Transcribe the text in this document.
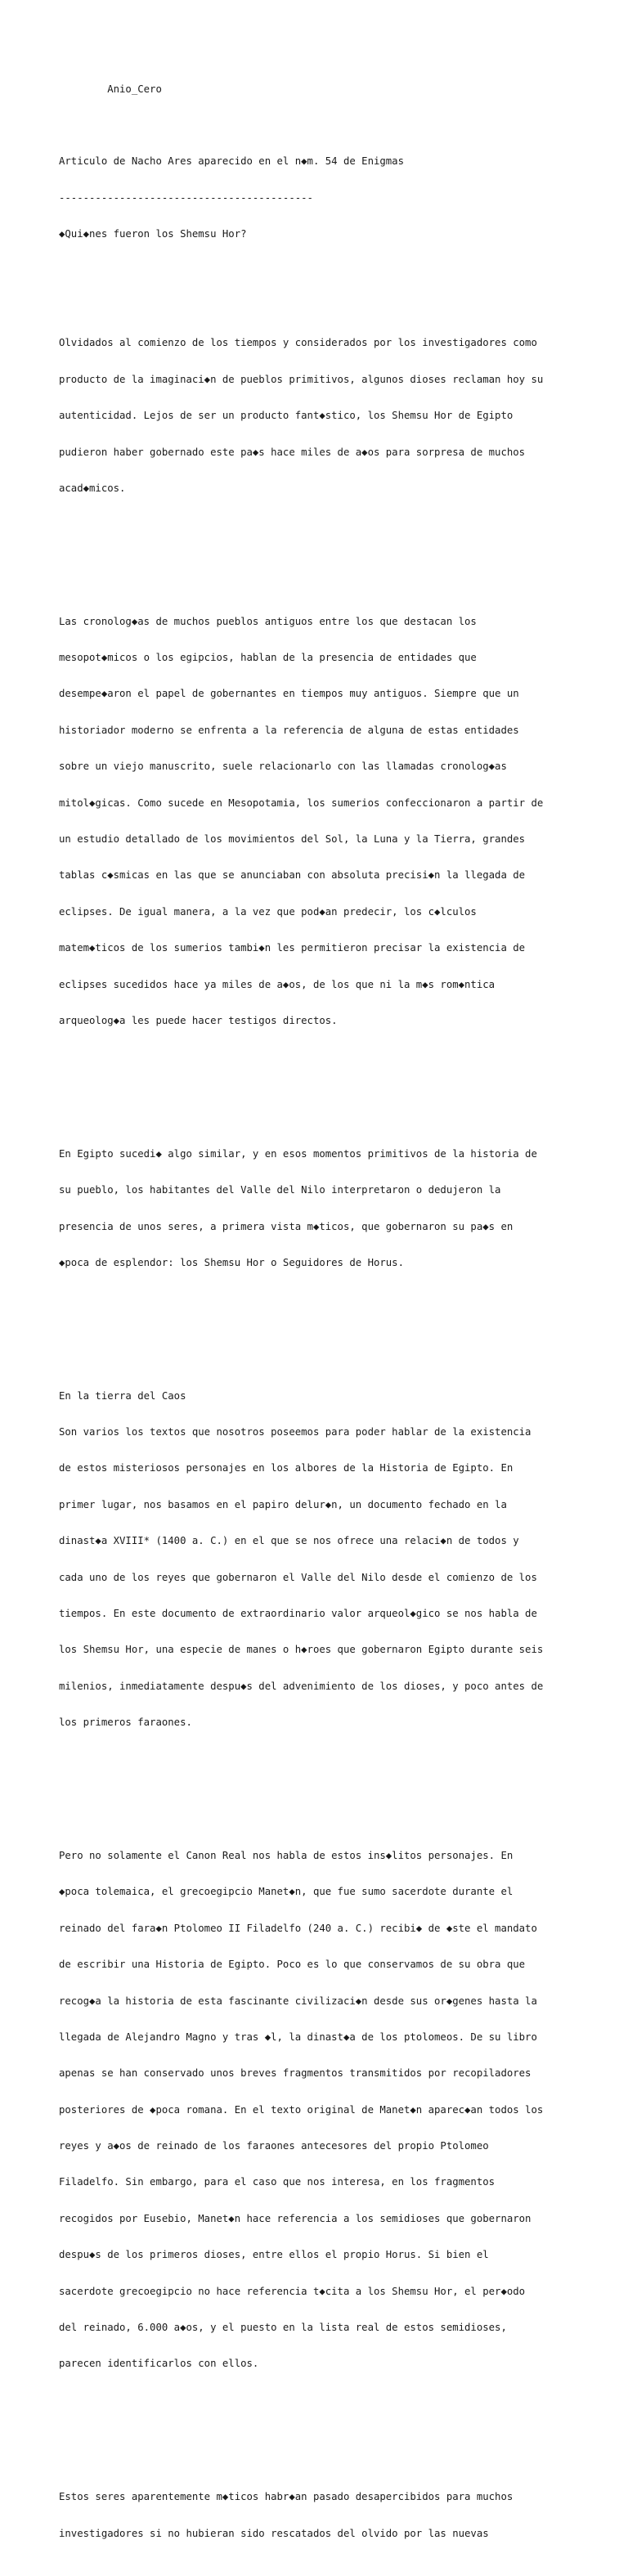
Anio_Cero

Articulo de Nacho Ares aparecido en el n◆m. 54 de Enigmas

------------------------------------------

◆Qui◆nes fueron los Shemsu Hor?

Olvidados al comienzo de los tiempos y considerados por los investigadores como

producto de la imaginaci◆n de pueblos primitivos, algunos dioses reclaman hoy su

autenticidad. Lejos de ser un producto fant◆stico, los Shemsu Hor de Egipto

pudieron haber gobernado este pa◆s hace miles de a◆os para sorpresa de muchos

acad◆micos.

Las cronolog◆as de muchos pueblos antiguos entre los que destacan los

mesopot◆micos o los egipcios, hablan de la presencia de entidades que

desempe◆aron el papel de gobernantes en tiempos muy antiguos. Siempre que un

historiador moderno se enfrenta a la referencia de alguna de estas entidades

sobre un viejo manuscrito, suele relacionarlo con las llamadas cronolog◆as

mitol◆gicas. Como sucede en Mesopotamia, los sumerios confeccionaron a partir de

un estudio detallado de los movimientos del Sol, la Luna y la Tierra, grandes

tablas c◆smicas en las que se anunciaban con absoluta precisi◆n la llegada de

eclipses. De igual manera, a la vez que pod◆an predecir, los c◆lculos

matem◆ticos de los sumerios tambi◆n les permitieron precisar la existencia de

eclipses sucedidos hace ya miles de a◆os, de los que ni la m◆s rom◆ntica

arqueolog◆a les puede hacer testigos directos.

En Egipto sucedi◆ algo similar, y en esos momentos primitivos de la historia de

su pueblo, los habitantes del Valle del Nilo interpretaron o dedujeron la

presencia de unos seres, a primera vista m◆ticos, que gobernaron su pa◆s en

◆poca de esplendor: los Shemsu Hor o Seguidores de Horus.

En la tierra del Caos

Son varios los textos que nosotros poseemos para poder hablar de la existencia

de estos misteriosos personajes en los albores de la Historia de Egipto. En

primer lugar, nos basamos en el papiro delur◆n, un documento fechado en la

dinast◆a XVIII* (1400 a. C.) en el que se nos ofrece una relaci◆n de todos y

cada uno de los reyes que gobernaron el Valle del Nilo desde el comienzo de los

tiempos. En este documento de extraordinario valor arqueol◆gico se nos habla de

los Shemsu Hor, una especie de manes o h◆roes que gobernaron Egipto durante seis

milenios, inmediatamente despu◆s del advenimiento de los dioses, y poco antes de

los primeros faraones.

Pero no solamente el Canon Real nos habla de estos ins◆litos personajes. En

◆poca tolemaica, el grecoegipcio Manet◆n, que fue sumo sacerdote durante el

reinado del fara◆n Ptolomeo II Filadelfo (240 a. C.) recibi◆ de ◆ste el mandato

de escribir una Historia de Egipto. Poco es lo que conservamos de su obra que

recog◆a la historia de esta fascinante civilizaci◆n desde sus or◆genes hasta la

llegada de Alejandro Magno y tras ◆l, la dinast◆a de los ptolomeos. De su libro

apenas se han conservado unos breves fragmentos transmitidos por recopiladores

posteriores de ◆poca romana. En el texto original de Manet◆n aparec◆an todos los

reyes y a◆os de reinado de los faraones antecesores del propio Ptolomeo

Filadelfo. Sin embargo, para el caso que nos interesa, en los fragmentos

recogidos por Eusebio, Manet◆n hace referencia a los semidioses que gobernaron

despu◆s de los primeros dioses, entre ellos el propio Horus. Si bien el

sacerdote grecoegipcio no hace referencia t◆cita a los Shemsu Hor, el per◆odo

del reinado, 6.000 a◆os, y el puesto en la lista real de estos semidioses,

parecen identificarlos con ellos.

Estos seres aparentemente m◆ticos habr◆an pasado desapercibidos para muchos

investigadores si no hubieran sido rescatados del olvido por las nuevas
